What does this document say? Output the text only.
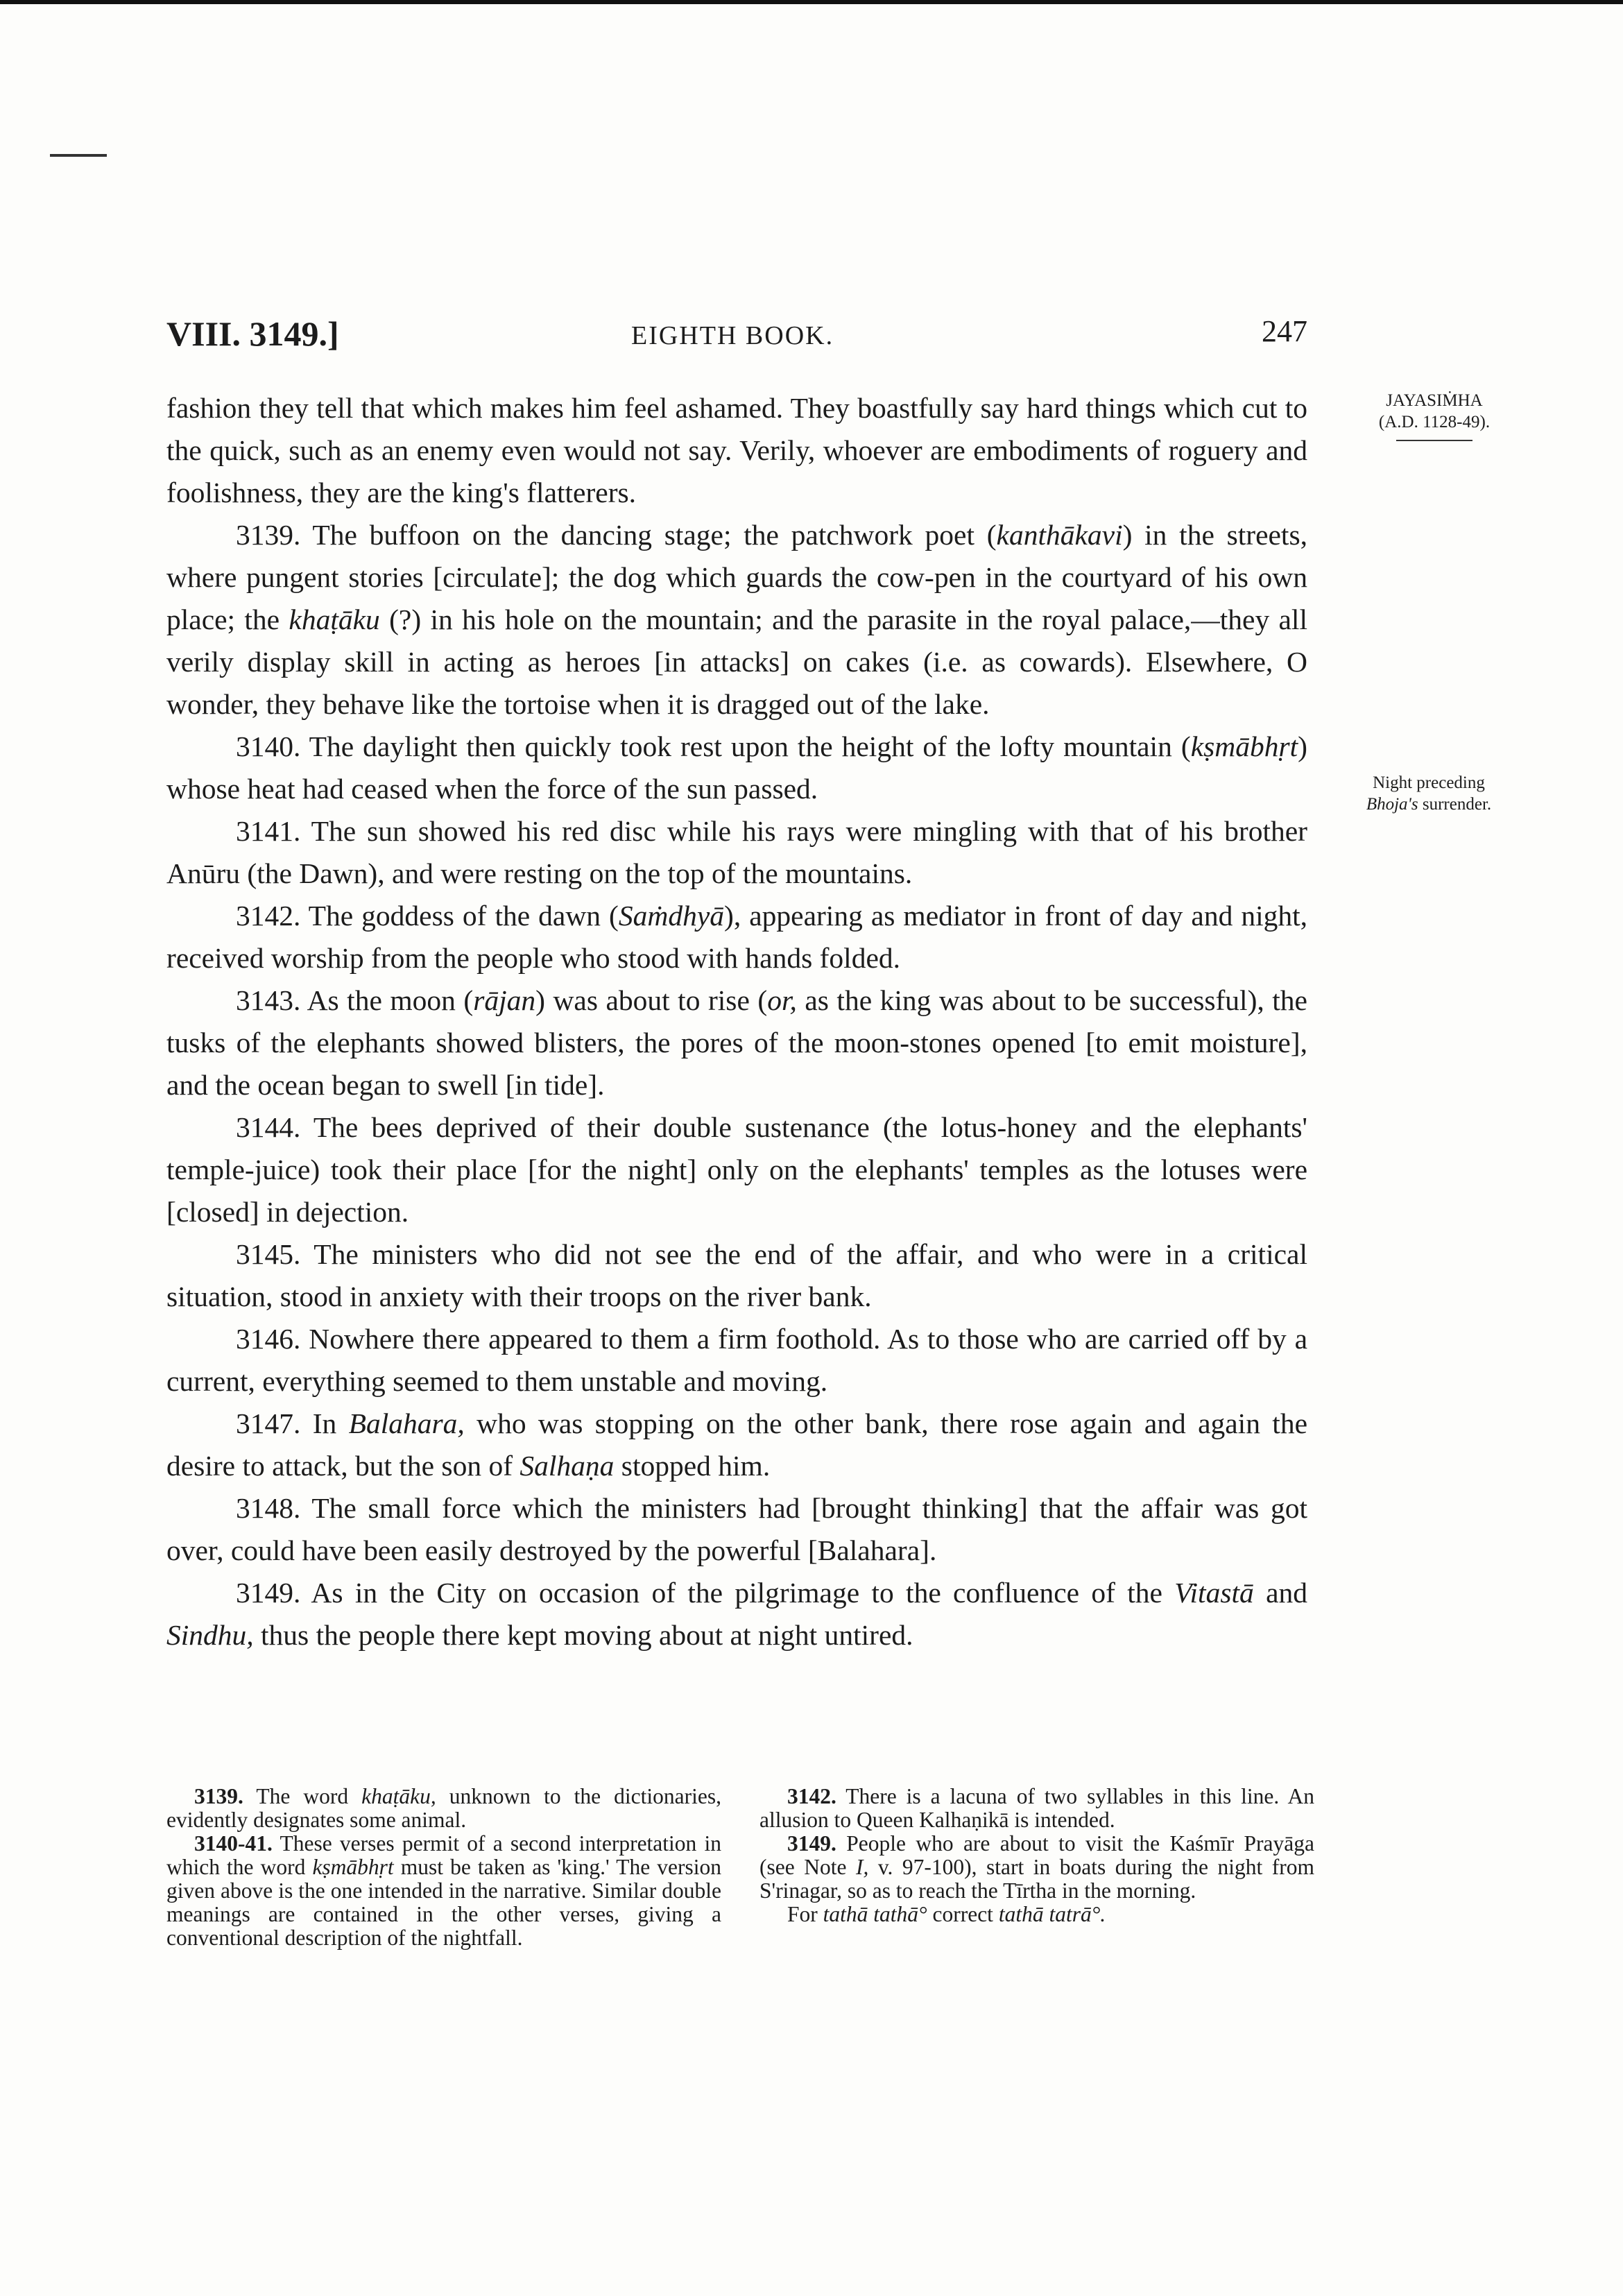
VIII. 3149.]	EIGHTH BOOK.	247
JAYASIṀHA
(A.D. 1128-49).
Night preceding
Bhoja's surrender.

fashion they tell that which makes him feel ashamed. They boastfully say hard things which cut to the quick, such as an enemy even would not say. Verily, whoever are embodiments of roguery and foolishness, they are the king's flatterers.

3139. The buffoon on the dancing stage; the patchwork poet (kanthākavi) in the streets, where pungent stories [circulate]; the dog which guards the cow-pen in the courtyard of his own place; the khaṭāku (?) in his hole on the mountain; and the parasite in the royal palace,—they all verily display skill in acting as heroes [in attacks] on cakes (i.e. as cowards). Elsewhere, O wonder, they behave like the tortoise when it is dragged out of the lake.

3140. The daylight then quickly took rest upon the height of the lofty mountain (kṣmābhṛt) whose heat had ceased when the force of the sun passed.

3141. The sun showed his red disc while his rays were mingling with that of his brother Anūru (the Dawn), and were resting on the top of the mountains.

3142. The goddess of the dawn (Saṁdhyā), appearing as mediator in front of day and night, received worship from the people who stood with hands folded.

3143. As the moon (rājan) was about to rise (or, as the king was about to be successful), the tusks of the elephants showed blisters, the pores of the moon-stones opened [to emit moisture], and the ocean began to swell [in tide].

3144. The bees deprived of their double sustenance (the lotus-honey and the elephants' temple-juice) took their place [for the night] only on the elephants' temples as the lotuses were [closed] in dejection.

3145. The ministers who did not see the end of the affair, and who were in a critical situation, stood in anxiety with their troops on the river bank.

3146. Nowhere there appeared to them a firm foothold. As to those who are carried off by a current, everything seemed to them unstable and moving.

3147. In Balahara, who was stopping on the other bank, there rose again and again the desire to attack, but the son of Salhaṇa stopped him.

3148. The small force which the ministers had [brought thinking] that the affair was got over, could have been easily destroyed by the powerful [Balahara].

3149. As in the City on occasion of the pilgrimage to the confluence of the Vitastā and Sindhu, thus the people there kept moving about at night untired.

3139. The word khaṭāku, unknown to the dictionaries, evidently designates some animal.

3140-41. These verses permit of a second interpretation in which the word kṣmābhṛt must be taken as 'king.' The version given above is the one intended in the narrative. Similar double meanings are contained in the other verses, giving a conventional description of the nightfall.

3142. There is a lacuna of two syllables in this line. An allusion to Queen Kalhaṇikā is intended.

3149. People who are about to visit the Kaśmīr Prayāga (see Note I, v. 97-100), start in boats during the night from S'rinagar, so as to reach the Tīrtha in the morning.

For tathā tathā° correct tathā tatrā°.
